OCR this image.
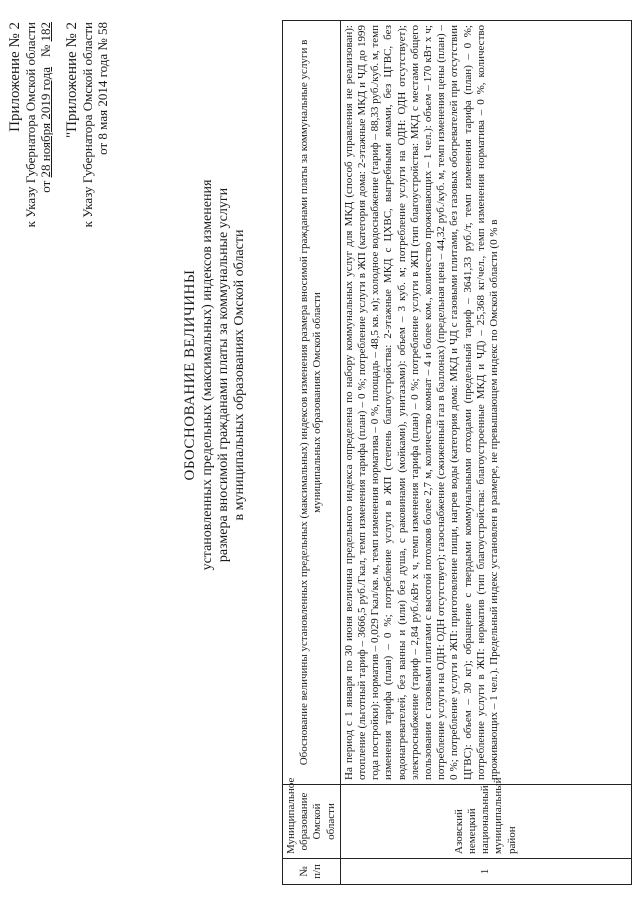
Приложение № 2 к Указу Губернатора Омской области от 28 ноября 2019 года   № 182 "Приложение № 2 к Указу Губернатора Омской области от 8 мая 2014 года № 58
ОБОСНОВАНИЕ ВЕЛИЧИНЫ установленных предельных (максимальных) индексов изменения размера вносимой гражданами платы за коммунальные услуги в муниципальных образованиях Омской области
№ п/п	Муниципальное образование Омской области	Обоснование величины установленных предельных (максимальных) индексов изменения размера вносимой гражданами платы за коммунальные услуги в муниципальных образованиях Омской области
1	Азовский немецкий национальный муниципальный район	На период с 1 января по 30 июня величина предельного индекса определена по набору коммунальных услуг для МКД (способ управления не реализован): отопление (льготный тариф – 3666,5 руб./Гкал, темп изменения тарифа (план) – 0 %; потребление услуги в ЖП (категория дома: 2-этажные МКД и ЧД до 1999 года постройки): норматив – 0,029 Гкал/кв. м, темп изменения норматива – 0 %, площадь – 48,5 кв. м); холодное водоснабжение (тариф – 88,33 руб./куб. м, темп изменения тарифа (план) – 0 %; потребление услуги в ЖП (степень благоустройства: 2-этажные МКД с ЦХВС, выгребными ямами, без ЦГВС, без водонагревателей, без ванны и (или) без душа, с раковинами (мойками), унитазами): объем – 3 куб. м; потребление услуги на ОДН: ОДН отсутствует); электроснабжение (тариф – 2,84 руб./кВт х ч, темп изменения тарифа (план) – 0 %; потребление услуги в ЖП (тип благоустройства: МКД с местами общего пользования с газовыми плитами с высотой потолков более 2,7 м, количество комнат – 4 и более ком., количество проживающих – 1 чел.): объем – 170 кВт х ч; потребление услуги на ОДН: ОДН отсутствует); газоснабжение (сжиженный газ в баллонах) (предельная цена – 44,32 руб./куб. м, темп изменения цены (план) – 0 %; потребление услуги в ЖП: приготовление пищи, нагрев воды (категория дома: МКД и ЧД с газовыми плитами, без газовых обогревателей при отсутствии ЦГВС): объем – 30 кг); обращение с твердыми коммунальными отходами (предельный тариф – 3641,33 руб./т, темп изменения тарифа (план) – 0 %; потребление услуги в ЖП: норматив (тип благоустройства: благоустроенные МКД и ЧД) – 25,368 кг/чел., темп изменения норматива – 0 %, количество проживающих – 1 чел.). Предельный индекс установлен в размере, не превышающем индекс по Омской области (0 % в
